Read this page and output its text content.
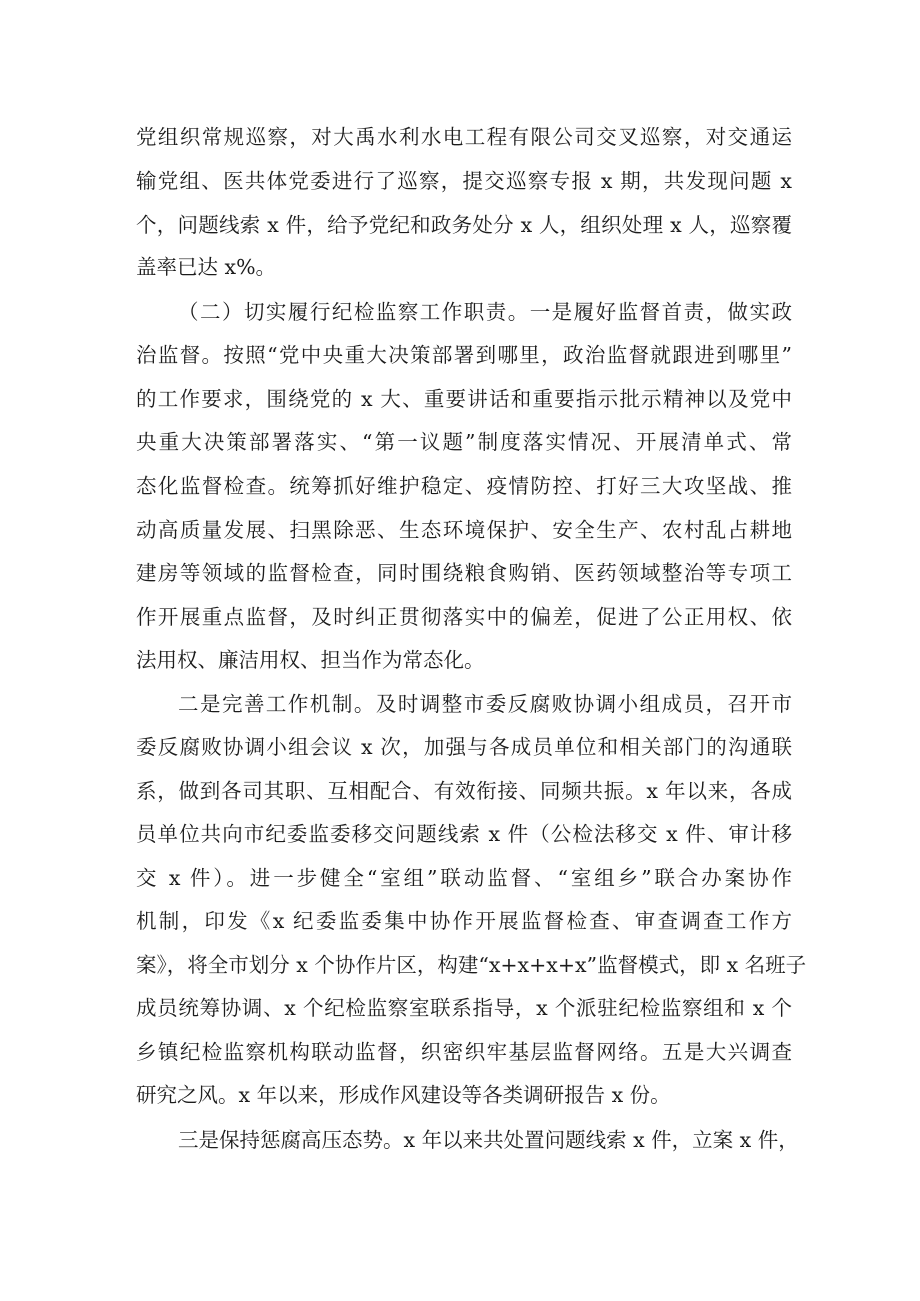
党组织常规巡察，对大禹水利水电工程有限公司交叉巡察，对交通运
输党组、医共体党委进行了巡察，提交巡察专报 x 期，共发现问题 x
个，问题线索 x 件，给予党纪和政务处分 x 人，组织处理 x 人，巡察覆
盖率已达 x%。
（二）切实履行纪检监察工作职责。一是履好监督首责，做实政
治监督。按照“党中央重大决策部署到哪里，政治监督就跟进到哪里”
的工作要求，围绕党的 x 大、重要讲话和重要指示批示精神以及党中
央重大决策部署落实、“第一议题”制度落实情况、开展清单式、常
态化监督检查。统筹抓好维护稳定、疫情防控、打好三大攻坚战、推
动高质量发展、扫黑除恶、生态环境保护、安全生产、农村乱占耕地
建房等领域的监督检查，同时围绕粮食购销、医药领域整治等专项工
作开展重点监督，及时纠正贯彻落实中的偏差，促进了公正用权、依
法用权、廉洁用权、担当作为常态化。
二是完善工作机制。及时调整市委反腐败协调小组成员，召开市
委反腐败协调小组会议 x 次，加强与各成员单位和相关部门的沟通联
系，做到各司其职、互相配合、有效衔接、同频共振。x 年以来，各成
员单位共向市纪委监委移交问题线索 x 件（公检法移交 x 件、审计移
交 x 件）。进一步健全“室组”联动监督、“室组乡”联合办案协作
机制，印发《x 纪委监委集中协作开展监督检查、审查调查工作方
案》，将全市划分 x 个协作片区，构建“x+x+x+x”监督模式，即 x 名班子
成员统筹协调、x 个纪检监察室联系指导，x 个派驻纪检监察组和 x 个
乡镇纪检监察机构联动监督，织密织牢基层监督网络。五是大兴调查
研究之风。x 年以来，形成作风建设等各类调研报告 x 份。
三是保持惩腐高压态势。x 年以来共处置问题线索 x 件，立案 x 件，
